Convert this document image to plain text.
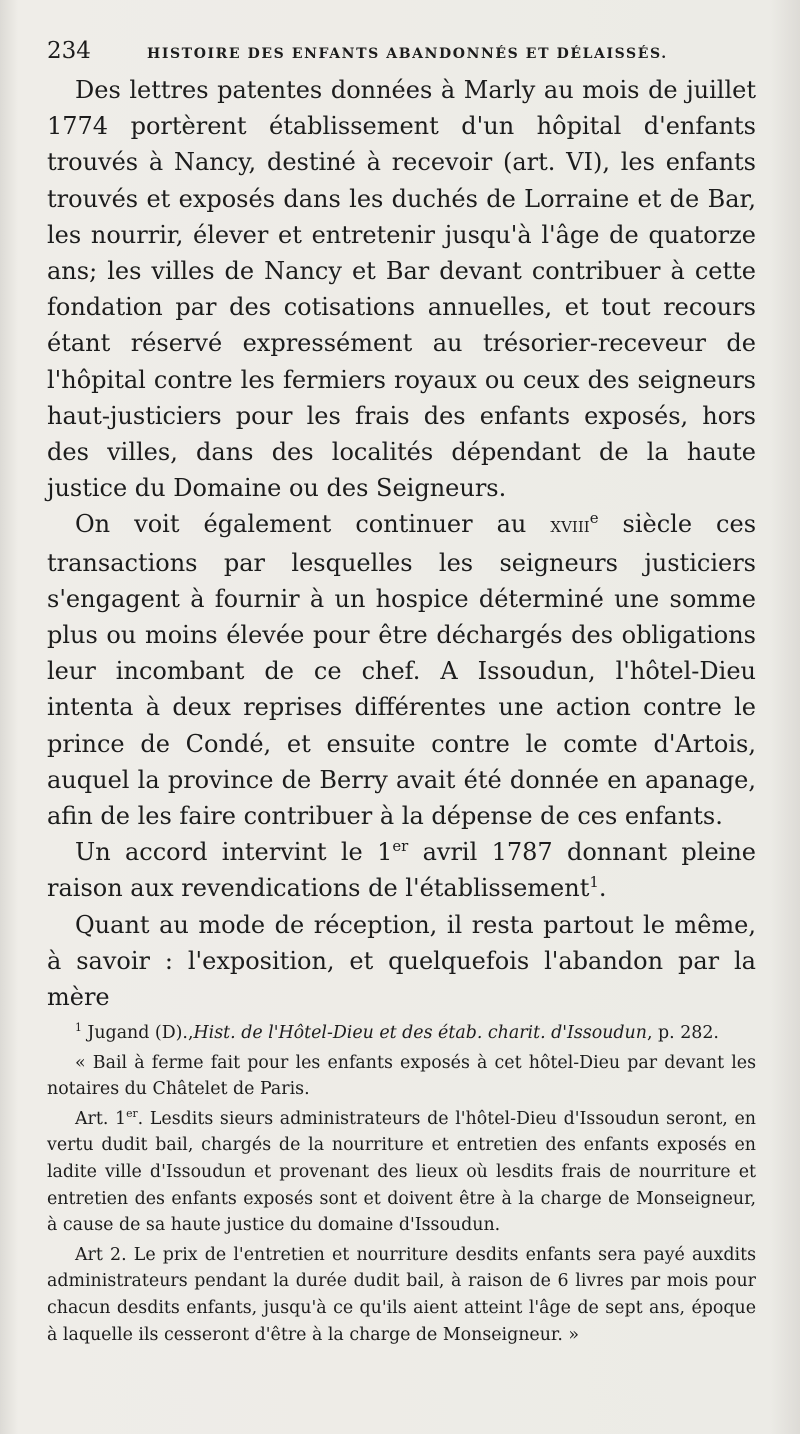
234	HISTOIRE DES ENFANTS ABANDONNÉS ET DÉLAISSÉS.

Des lettres patentes données à Marly au mois de juillet 1774 portèrent établissement d'un hôpital d'enfants trouvés à Nancy, destiné à recevoir (art. VI), les enfants trouvés et exposés dans les duchés de Lorraine et de Bar, les nourrir, élever et entretenir jusqu'à l'âge de quatorze ans; les villes de Nancy et Bar devant contribuer à cette fondation par des cotisations annuelles, et tout recours étant réservé expressément au trésorier-receveur de l'hôpital contre les fermiers royaux ou ceux des seigneurs haut-justiciers pour les frais des enfants exposés, hors des villes, dans des localités dépendant de la haute justice du Domaine ou des Seigneurs.

On voit également continuer au xviii$^e$ siècle ces transactions par lesquelles les seigneurs justiciers s'engagent à fournir à un hospice déterminé une somme plus ou moins élevée pour être déchargés des obligations leur incombant de ce chef. A Issoudun, l'hôtel-Dieu intenta à deux reprises différentes une action contre le prince de Condé, et ensuite contre le comte d'Artois, auquel la province de Berry avait été donnée en apanage, afin de les faire contribuer à la dépense de ces enfants.

Un accord intervint le 1er avril 1787 donnant pleine raison aux revendications de l'établissement$^1$.

Quant au mode de réception, il resta partout le même, à savoir : l'exposition, et quelquefois l'abandon par la mère

$^1$ Jugand (D).,Hist. de l'Hôtel-Dieu et des étab. charit. d'Issoudun, p. 282.

« Bail à ferme fait pour les enfants exposés à cet hôtel-Dieu par devant les notaires du Châtelet de Paris.

Art. 1er. Lesdits sieurs administrateurs de l'hôtel-Dieu d'Issoudun seront, en vertu dudit bail, chargés de la nourriture et entretien des enfants exposés en ladite ville d'Issoudun et provenant des lieux où lesdits frais de nourriture et entretien des enfants exposés sont et doivent être à la charge de Monseigneur, à cause de sa haute justice du domaine d'Issoudun.

Art 2. Le prix de l'entretien et nourriture desdits enfants sera payé auxdits administrateurs pendant la durée dudit bail, à raison de 6 livres par mois pour chacun desdits enfants, jusqu'à ce qu'ils aient atteint l'âge de sept ans, époque à laquelle ils cesseront d'être à la charge de Monseigneur. »
